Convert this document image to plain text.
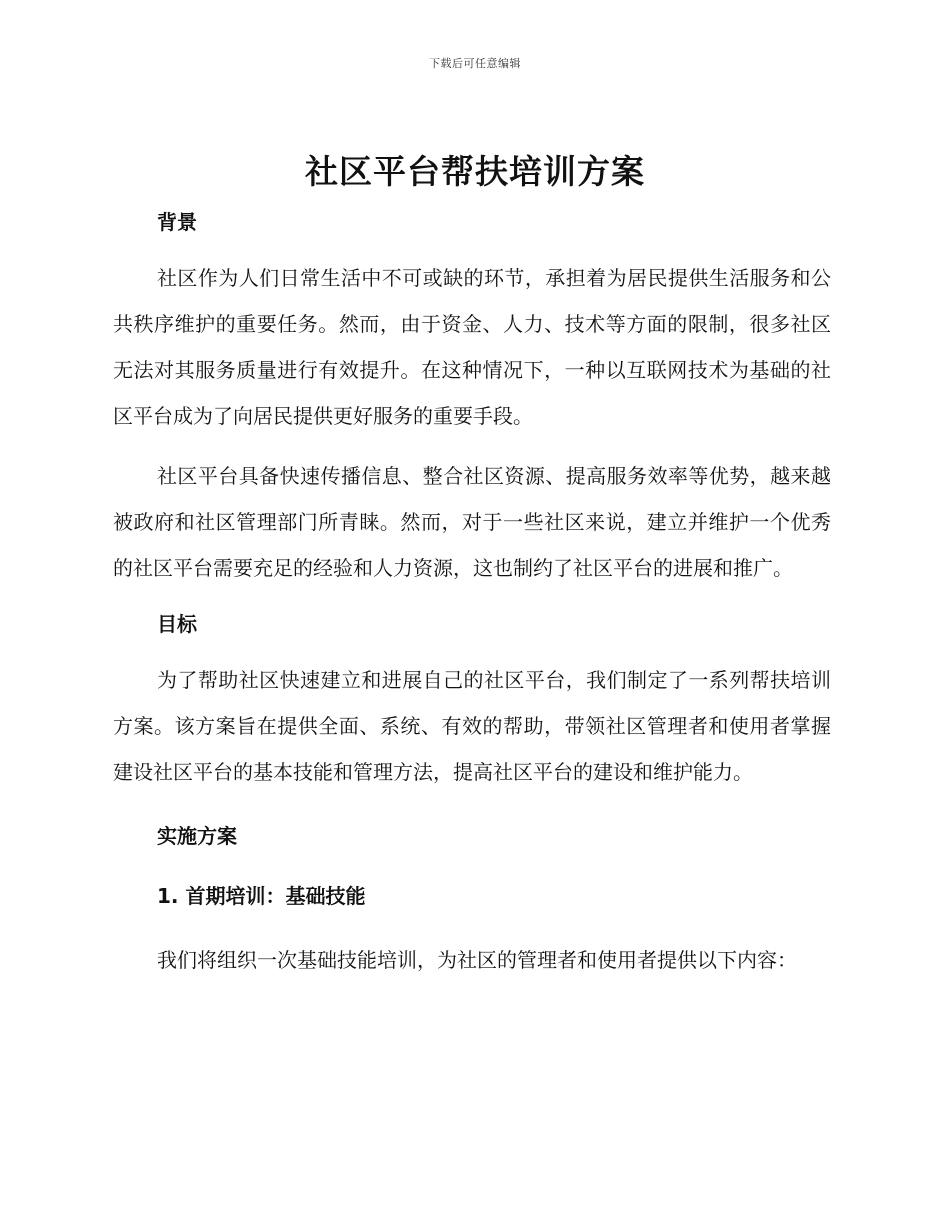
下载后可任意编辑
社区平台帮扶培训方案

背景

社区作为人们日常生活中不可或缺的环节，承担着为居民提供生活服务和公共秩序维护的重要任务。然而，由于资金、人力、技术等方面的限制，很多社区无法对其服务质量进行有效提升。在这种情况下，一种以互联网技术为基础的社区平台成为了向居民提供更好服务的重要手段。

社区平台具备快速传播信息、整合社区资源、提高服务效率等优势，越来越被政府和社区管理部门所青睐。然而，对于一些社区来说，建立并维护一个优秀的社区平台需要充足的经验和人力资源，这也制约了社区平台的进展和推广。

目标

为了帮助社区快速建立和进展自己的社区平台，我们制定了一系列帮扶培训方案。该方案旨在提供全面、系统、有效的帮助，带领社区管理者和使用者掌握建设社区平台的基本技能和管理方法，提高社区平台的建设和维护能力。

实施方案

1. 首期培训：基础技能

我们将组织一次基础技能培训，为社区的管理者和使用者提供以下内容：
